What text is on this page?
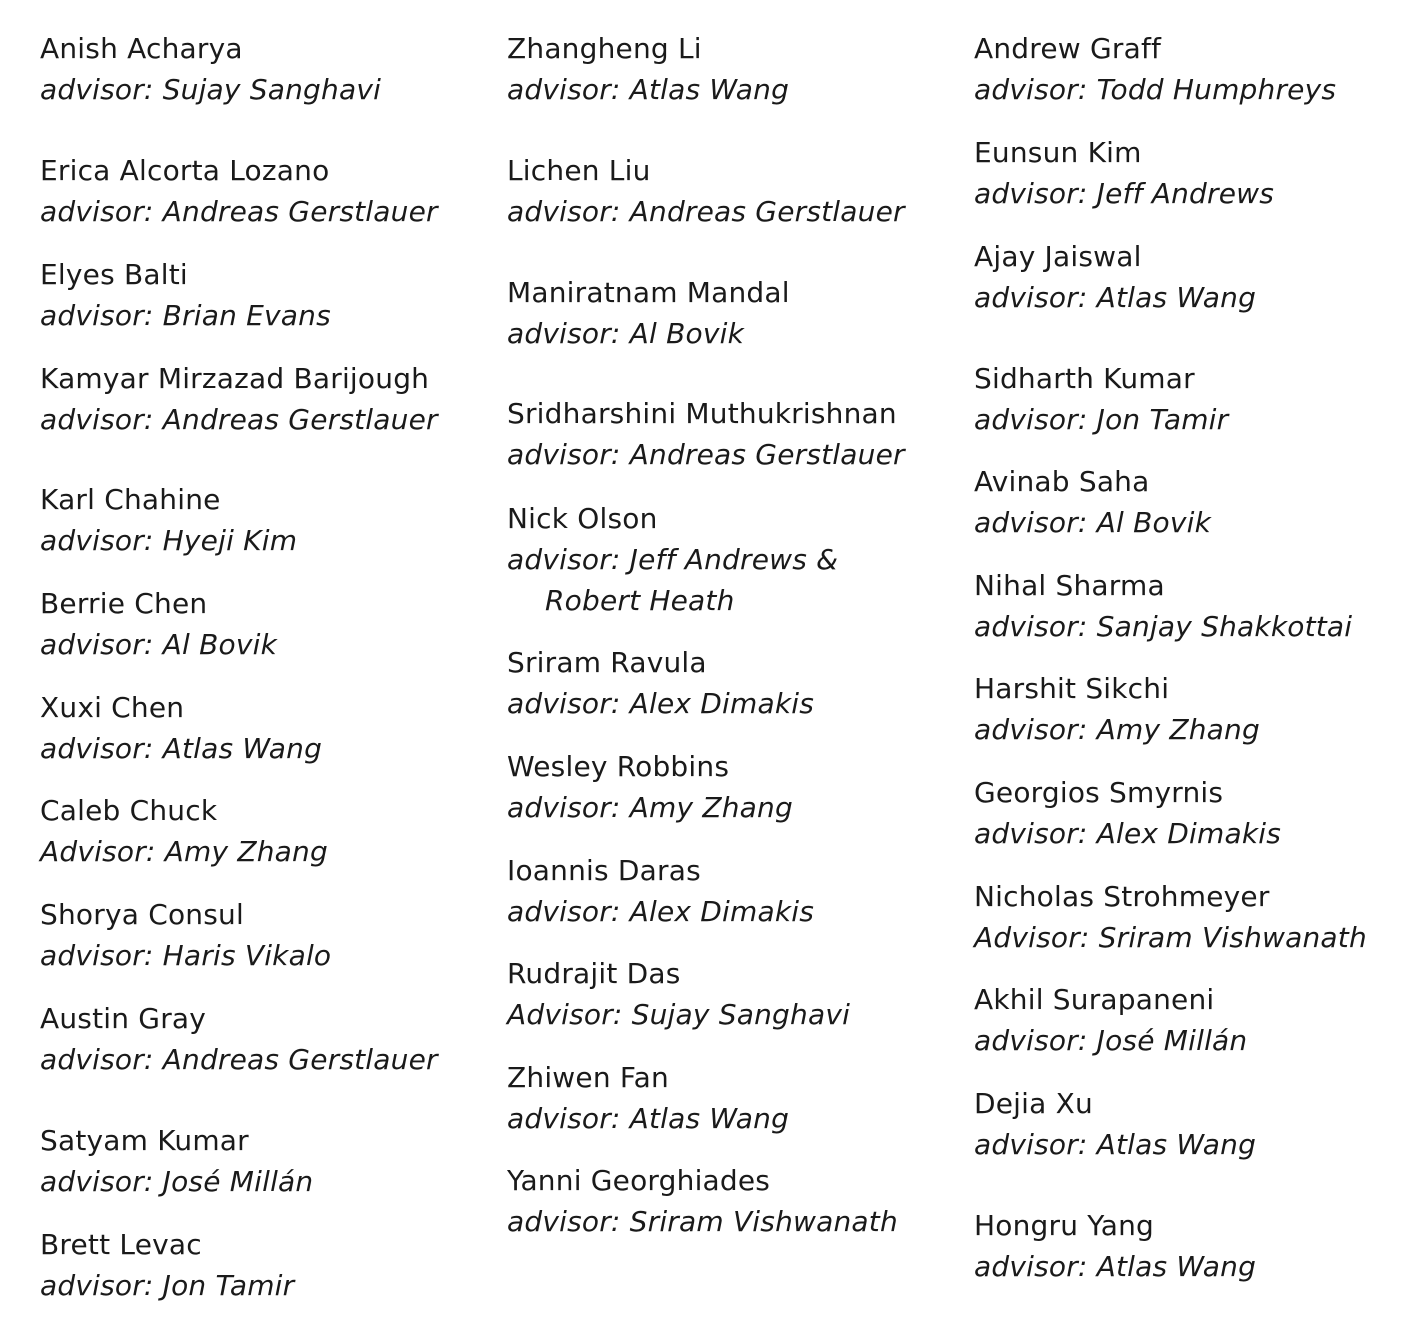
Anish Acharya
advisor: Sujay Sanghavi
Erica Alcorta Lozano
advisor: Andreas Gerstlauer
Elyes Balti
advisor: Brian Evans
Kamyar Mirzazad Barijough
advisor: Andreas Gerstlauer
Karl Chahine
advisor: Hyeji Kim
Berrie Chen
advisor: Al Bovik
Xuxi Chen
advisor: Atlas Wang
Caleb Chuck
Advisor: Amy Zhang
Shorya Consul
advisor: Haris Vikalo
Austin Gray
advisor: Andreas Gerstlauer
Satyam Kumar
advisor: José Millán
Brett Levac
advisor: Jon Tamir
Zhangheng Li
advisor: Atlas Wang
Lichen Liu
advisor: Andreas Gerstlauer
Maniratnam Mandal
advisor: Al Bovik
Sridharshini Muthukrishnan
advisor: Andreas Gerstlauer
Nick Olson
advisor: Jeff Andrews &
Robert Heath
Sriram Ravula
advisor: Alex Dimakis
Wesley Robbins
advisor: Amy Zhang
Ioannis Daras
advisor: Alex Dimakis
Rudrajit Das
Advisor: Sujay Sanghavi
Zhiwen Fan
advisor: Atlas Wang
Yanni Georghiades
advisor: Sriram Vishwanath
Andrew Graff
advisor: Todd Humphreys
Eunsun Kim
advisor: Jeff Andrews
Ajay Jaiswal
advisor: Atlas Wang
Sidharth Kumar
advisor: Jon Tamir
Avinab Saha
advisor: Al Bovik
Nihal Sharma
advisor: Sanjay Shakkottai
Harshit Sikchi
advisor: Amy Zhang
Georgios Smyrnis
advisor: Alex Dimakis
Nicholas Strohmeyer
Advisor: Sriram Vishwanath
Akhil Surapaneni
advisor: José Millán
Dejia Xu
advisor: Atlas Wang
Hongru Yang
advisor: Atlas Wang
